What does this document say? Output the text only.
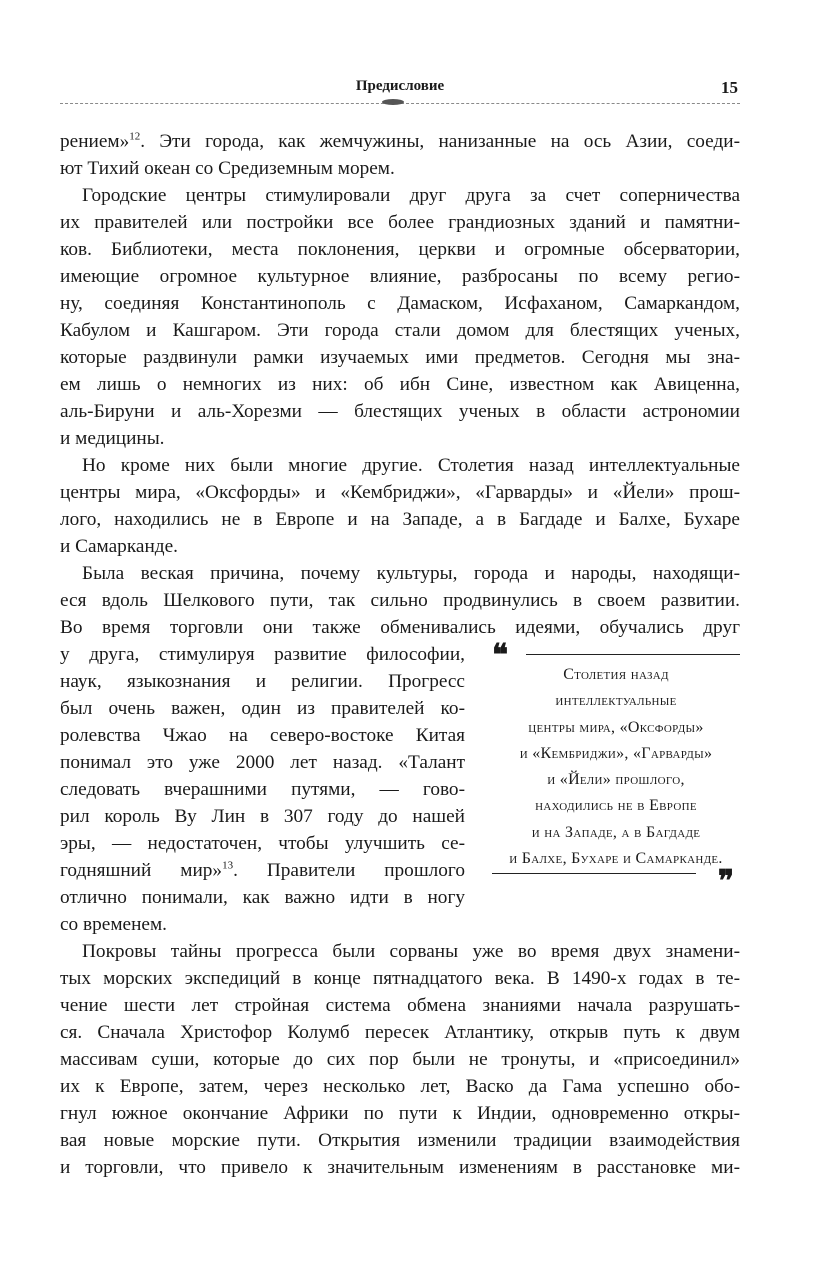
Предисловие	15
рением»$^{12}$. Эти города, как жемчужины, нанизанные на ось Азии, соеди-
ют Тихий океан со Средиземным морем.
Городские центры стимулировали друг друга за счет соперничества
их правителей или постройки все более грандиозных зданий и памятни-
ков. Библиотеки, места поклонения, церкви и огромные обсерватории,
имеющие огромное культурное влияние, разбросаны по всему регио-
ну, соединяя Константинополь с Дамаском, Исфаханом, Самаркандом,
Кабулом и Кашгаром. Эти города стали домом для блестящих ученых,
которые раздвинули рамки изучаемых ими предметов. Сегодня мы зна-
ем лишь о немногих из них: об ибн Сине, известном как Авиценна,
аль-Бируни и аль-Хорезми — блестящих ученых в области астрономии
и медицины.
Но кроме них были многие другие. Столетия назад интеллектуальные
центры мира, «Оксфорды» и «Кембриджи», «Гарварды» и «Йели» прош-
лого, находились не в Европе и на Западе, а в Багдаде и Балхе, Бухаре
и Самарканде.
Была веская причина, почему культуры, города и народы, находящи-
еся вдоль Шелкового пути, так сильно продвинулись в своем развитии.
Во время торговли они также обменивались идеями, обучались друг
у друга, стимулируя развитие философии,
наук, языкознания и религии. Прогресс
был очень важен, один из правителей ко-
ролевства Чжао на северо-востоке Китая
понимал это уже 2000 лет назад. «Талант
следовать вчерашними путями, — гово-
рил король Ву Лин в 307 году до нашей
эры, — недостаточен, чтобы улучшить се-
годняшний мир»$^{13}$. Правители прошлого
отлично понимали, как важно идти в ногу
со временем.
Покровы тайны прогресса были сорваны уже во время двух знамени-
тых морских экспедиций в конце пятнадцатого века. В 1490-х годах в те-
чение шести лет стройная система обмена знаниями начала разрушать-
ся. Сначала Христофор Колумб пересек Атлантику, открыв путь к двум
массивам суши, которые до сих пор были не тронуты, и «присоединил»
их к Европе, затем, через несколько лет, Васко да Гама успешно обо-
гнул южное окончание Африки по пути к Индии, одновременно откры-
вая новые морские пути. Открытия изменили традиции взаимодействия
и торговли, что привело к значительным изменениям в расстановке ми-
❝
Столетия назад
интеллектуальные
центры мира, «Оксфорды»
и «Кембриджи», «Гарварды»
и «Йели» прошлого,
находились не в Европе
и на Западе, а в Багдаде
и Балхе, Бухаре и Самарканде.
❞
